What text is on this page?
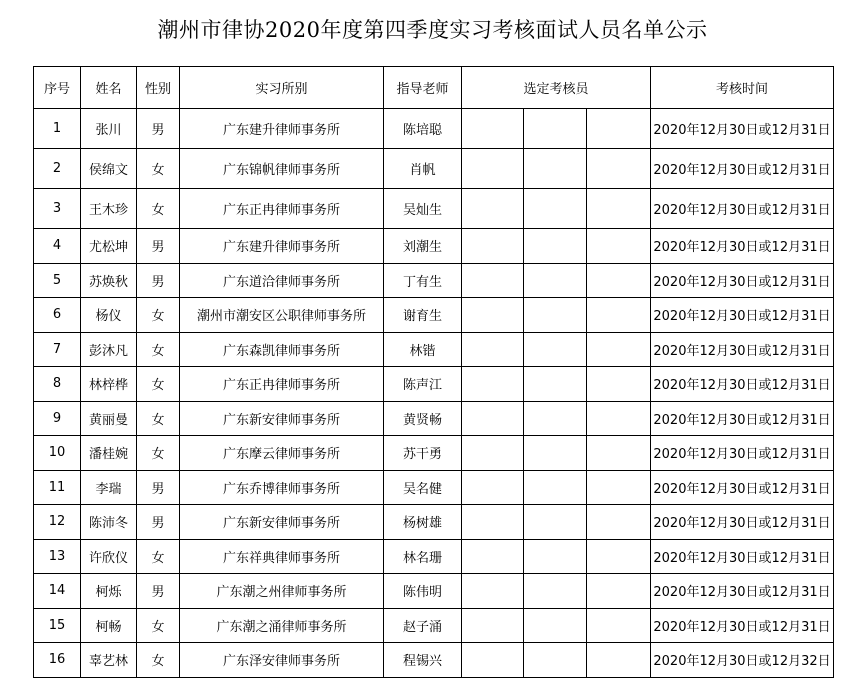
潮州市律协2020年度第四季度实习考核面试人员名单公示
序号	姓名	性别	实习所别	指导老师	选定考核员			考核时间
1	张川	男	广东建升律师事务所	陈培聪				2020年12月30日或12月31日
2	侯绵文	女	广东锦帆律师事务所	肖帆				2020年12月30日或12月31日
3	王木珍	女	广东正冉律师事务所	吴灿生				2020年12月30日或12月31日
4	尤松坤	男	广东建升律师事务所	刘潮生				2020年12月30日或12月31日
5	苏焕秋	男	广东道洽律师事务所	丁有生				2020年12月30日或12月31日
6	杨仪	女	潮州市潮安区公职律师事务所	谢育生				2020年12月30日或12月31日
7	彭沐凡	女	广东森凯律师事务所	林锴				2020年12月30日或12月31日
8	林梓桦	女	广东正冉律师事务所	陈声江				2020年12月30日或12月31日
9	黄丽曼	女	广东新安律师事务所	黄贤畅				2020年12月30日或12月31日
10	潘桂婉	女	广东摩云律师事务所	苏干勇				2020年12月30日或12月31日
11	李瑞	男	广东乔博律师事务所	吴名健				2020年12月30日或12月31日
12	陈沛冬	男	广东新安律师事务所	杨树雄				2020年12月30日或12月31日
13	许欣仪	女	广东祥典律师事务所	林名珊				2020年12月30日或12月31日
14	柯烁	男	广东潮之州律师事务所	陈伟明				2020年12月30日或12月31日
15	柯畅	女	广东潮之涌律师事务所	赵子涌				2020年12月30日或12月31日
16	辜艺林	女	广东泽安律师事务所	程锡兴				2020年12月30日或12月32日
